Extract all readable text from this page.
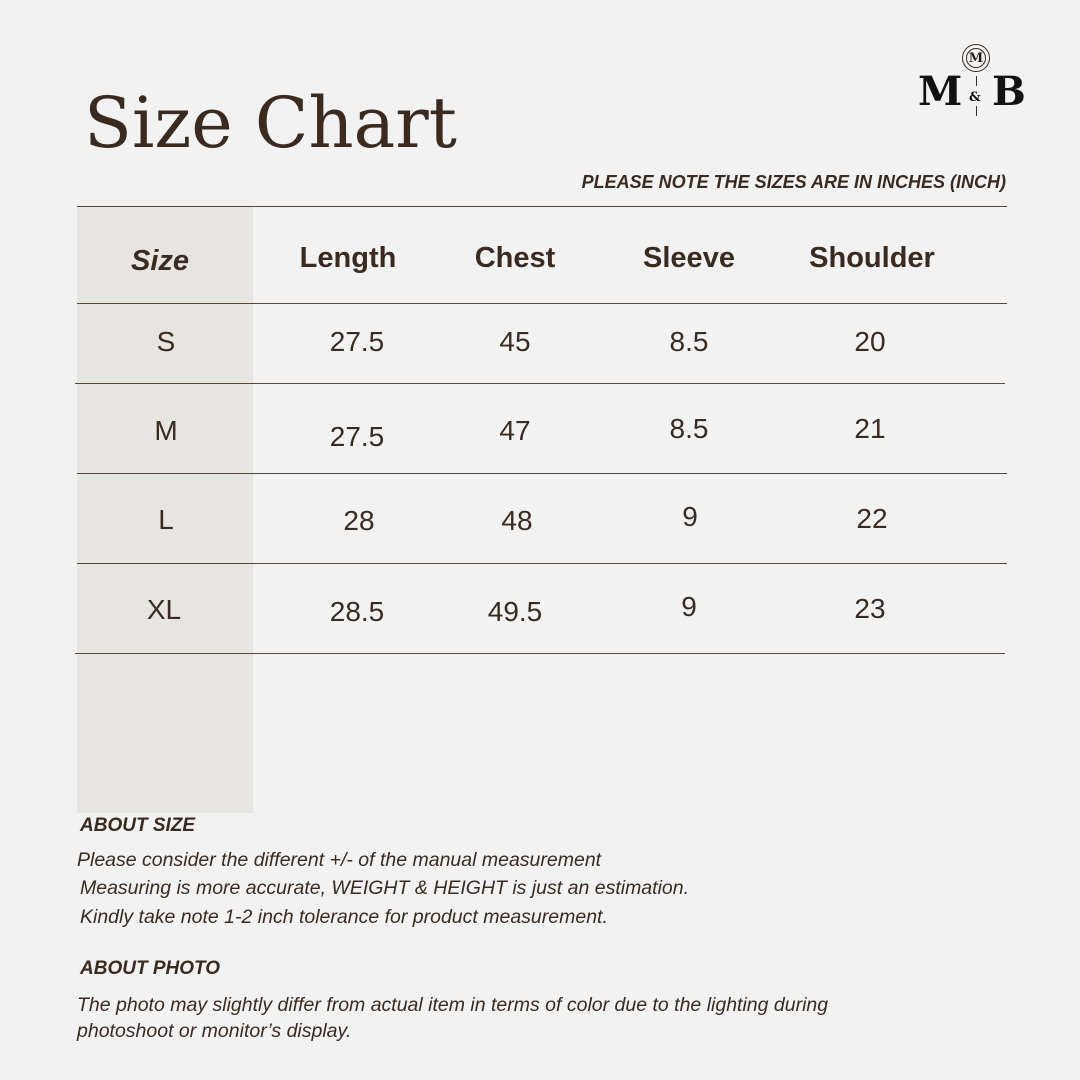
Size Chart
M
M & B
PLEASE NOTE THE SIZES ARE IN INCHES (INCH)
Size	Length	Chest	Sleeve	Shoulder
S	27.5	45	8.5	20
M	27.5	47	8.5	21
L	28	48	9	22
XL	28.5	49.5	9	23
ABOUT SIZE
Please consider the different +/- of the manual measurement
Measuring is more accurate, WEIGHT & HEIGHT is just an estimation.
Kindly take note 1-2 inch tolerance for product measurement.
ABOUT PHOTO
The photo may slightly differ from actual item in terms of color due to the lighting during
photoshoot or monitor’s display.
